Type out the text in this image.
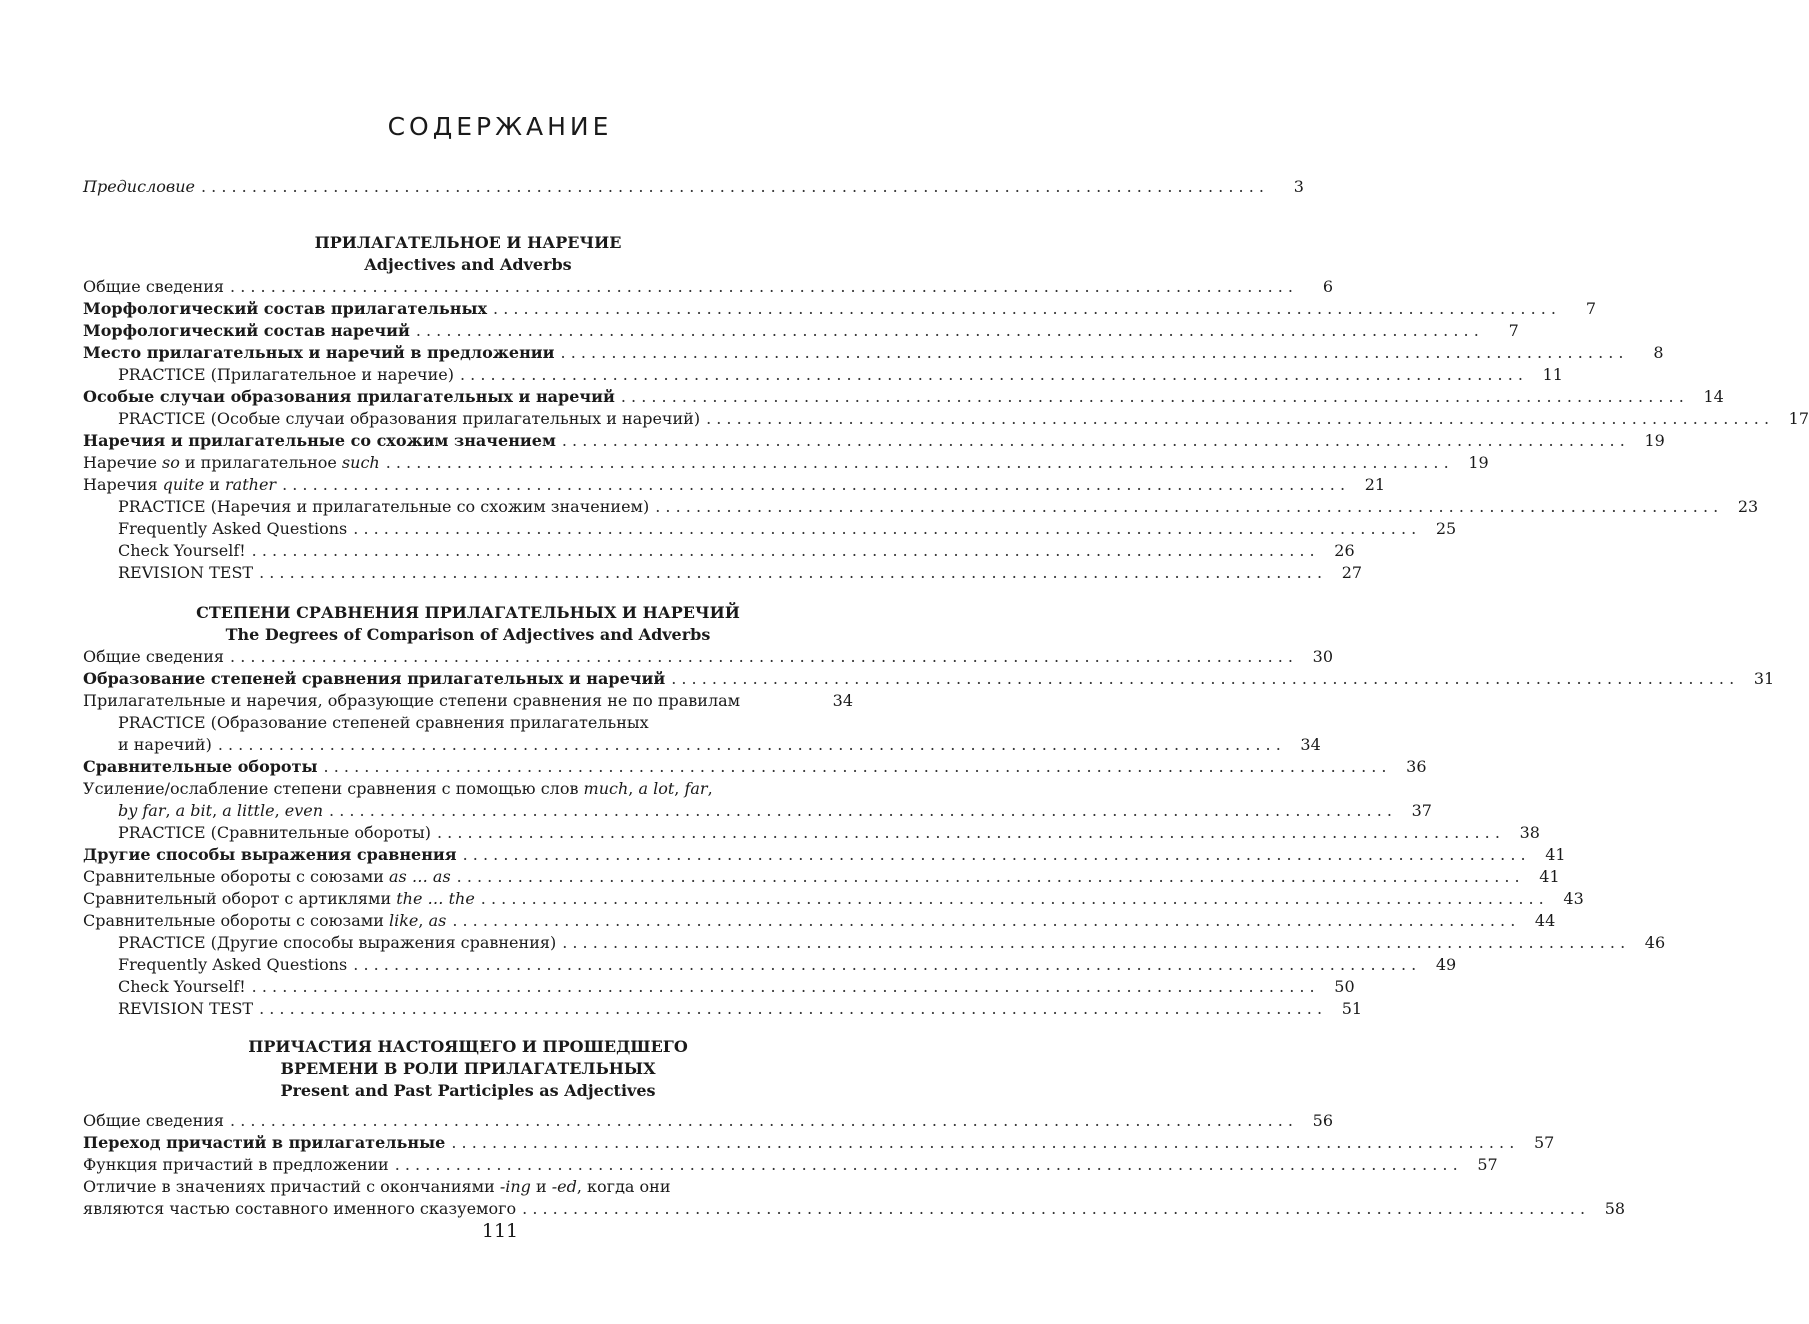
СОДЕРЖАНИЕ
Предисловие . . .	3
ПРИЛАГАТЕЛЬНОЕ И НАРЕЧИЕ
Adjectives and Adverbs
Общие сведения . . .	6
Морфологический состав прилагательных . . .	7
Морфологический состав наречий . . .	7
Место прилагательных и наречий в предложении . . .	8
PRACTICE (Прилагательное и наречие) . . .	11
Особые случаи образования прилагательных и наречий . . .	14
PRACTICE (Особые случаи образования прилагательных и наречий) . . .	17
Наречия и прилагательные со схожим значением . . .	19
Наречие so и прилагательное such . . .	19
Наречия quite и rather . . .	21
PRACTICE (Наречия и прилагательные со схожим значением) . . .	23
Frequently Asked Questions . . .	25
Check Yourself! . . .	26
REVISION TEST . . .	27
СТЕПЕНИ СРАВНЕНИЯ ПРИЛАГАТЕЛЬНЫХ И НАРЕЧИЙ
The Degrees of Comparison of Adjectives and Adverbs
Общие сведения . . .	30
Образование степеней сравнения прилагательных и наречий . . .	31
Прилагательные и наречия, образующие степени сравнения не по правилам	34
PRACTICE (Образование степеней сравнения прилагательных
и наречий) . . .	34
Сравнительные обороты . . .	36
Усиление/ослабление степени сравнения с помощью слов much, a lot, far,
by far, a bit, a little, even . . .	37
PRACTICE (Сравнительные обороты) . . .	38
Другие способы выражения сравнения . . .	41
Сравнительные обороты с союзами as … as . . .	41
Сравнительный оборот с артиклями the … the . . .	43
Сравнительные обороты с союзами like, as . . .	44
PRACTICE (Другие способы выражения сравнения) . . .	46
Frequently Asked Questions . . .	49
Check Yourself! . . .	50
REVISION TEST . . .	51
ПРИЧАСТИЯ НАСТОЯЩЕГО И ПРОШЕДШЕГО
ВРЕМЕНИ В РОЛИ ПРИЛАГАТЕЛЬНЫХ
Present and Past Participles as Adjectives
Общие сведения . . .	56
Переход причастий в прилагательные . . .	57
Функция причастий в предложении . . .	57
Отличие в значениях причастий с окончаниями -ing и -ed, когда они
являются частью составного именного сказуемого . . .	58
111
